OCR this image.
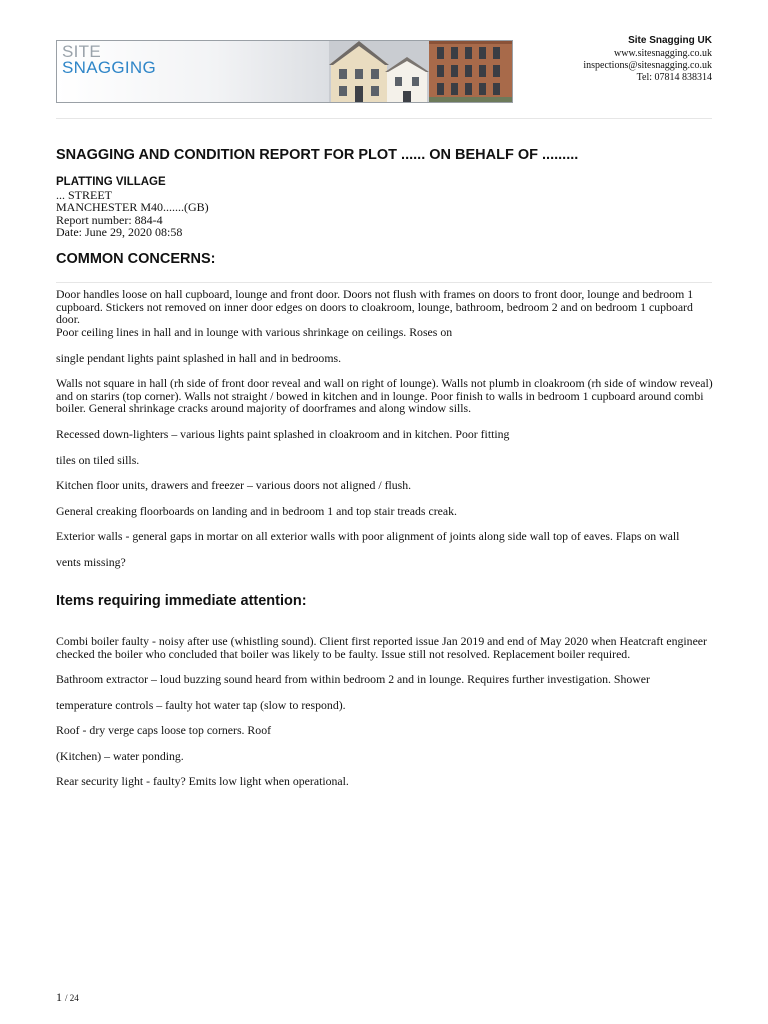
SITE
SNAGGING
Site Snagging UK
www.sitesnagging.co.uk
inspections@sitesnagging.co.uk
Tel: 07814 838314
SNAGGING AND CONDITION REPORT FOR PLOT ...... ON BEHALF OF .........
PLATTING VILLAGE
... STREET
MANCHESTER M40.......(GB)
Report number: 884-4
Date: June 29, 2020 08:58
COMMON CONCERNS:

Door handles loose on hall cupboard, lounge and front door. Doors not flush with frames on doors to front door, lounge and bedroom 1 cupboard. Stickers not removed on inner door edges on doors to cloakroom, lounge, bathroom, bedroom 2 and on bedroom 1 cupboard door.

Poor ceiling lines in hall and in lounge with various shrinkage on ceilings. Roses on

single pendant lights paint splashed in hall and in bedrooms.

Walls not square in hall (rh side of front door reveal and wall on right of lounge). Walls not plumb in cloakroom (rh side of window reveal) and on starirs (top corner). Walls not straight / bowed in kitchen and in lounge. Poor finish to walls in bedroom 1 cupboard around combi boiler. General shrinkage cracks around majority of doorframes and along window sills.

Recessed down-lighters – various lights paint splashed in cloakroom and in kitchen. Poor fitting

tiles on tiled sills.

Kitchen floor units, drawers and freezer – various doors not aligned / flush.

General creaking floorboards on landing and in bedroom 1 and top stair treads creak.

Exterior walls - general gaps in mortar on all exterior walls with poor alignment of joints along side wall top of eaves. Flaps on wall

vents missing?

Items requiring immediate attention:

Combi boiler faulty - noisy after use (whistling sound). Client first reported issue Jan 2019 and end of May 2020 when Heatcraft engineer checked the boiler who concluded that boiler was likely to be faulty. Issue still not resolved. Replacement boiler required.

Bathroom extractor – loud buzzing sound heard from within bedroom 2 and in lounge. Requires further investigation. Shower

temperature controls – faulty hot water tap (slow to respond).

Roof - dry verge caps loose top corners. Roof

(Kitchen) – water ponding.

Rear security light - faulty? Emits low light when operational.

1 / 24
